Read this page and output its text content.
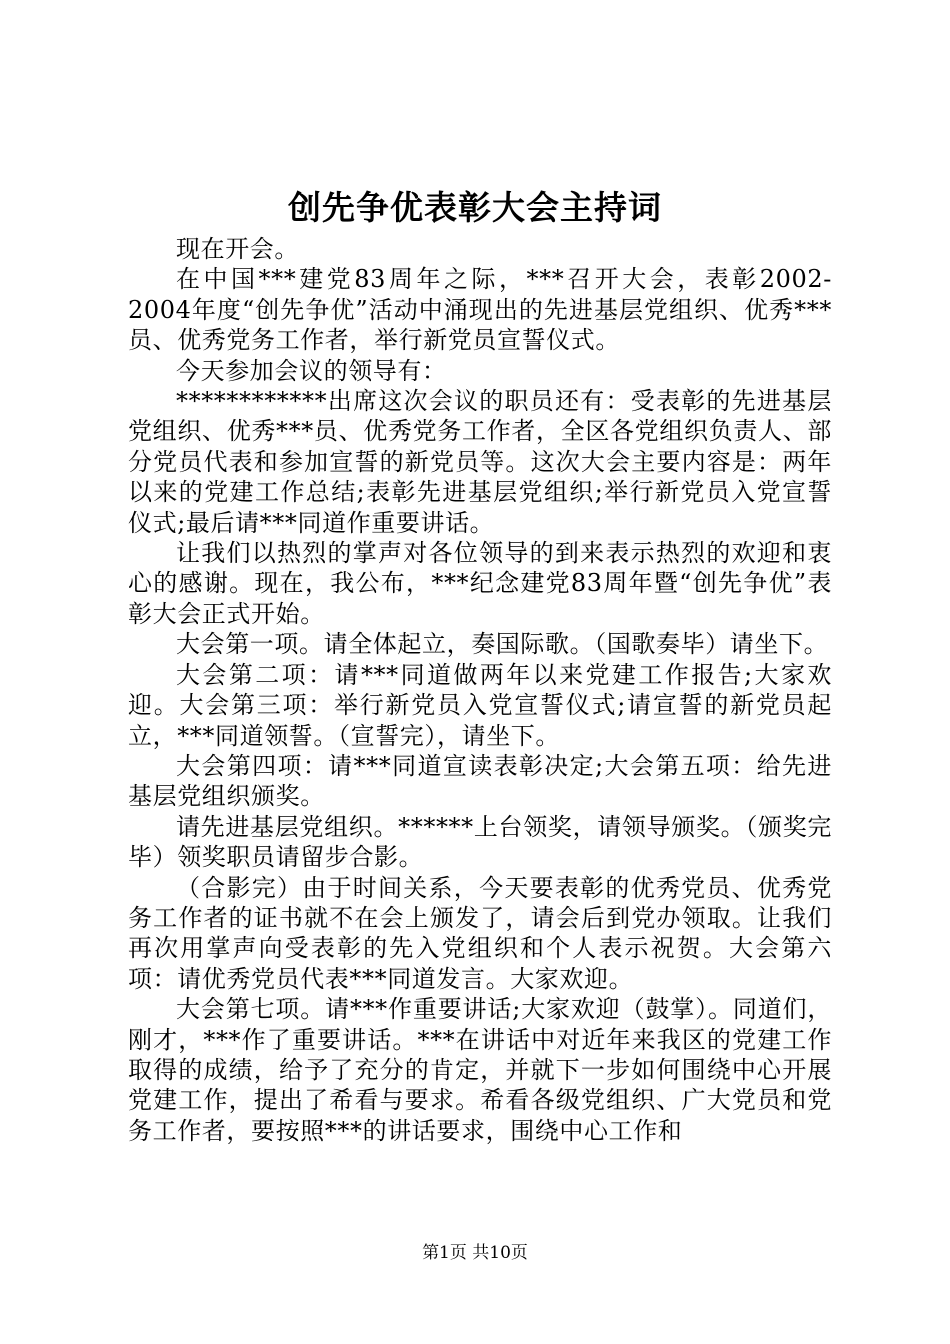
创先争优表彰大会主持词

现在开会。

在中国***建党83周年之际，***召开大会，表彰2002-2004年度“创先争优”活动中涌现出的先进基层党组织、优秀***员、优秀党务工作者，举行新党员宣誓仪式。

今天参加会议的领导有：

************出席这次会议的职员还有：受表彰的先进基层党组织、优秀***员、优秀党务工作者，全区各党组织负责人、部分党员代表和参加宣誓的新党员等。这次大会主要内容是：两年以来的党建工作总结;表彰先进基层党组织;举行新党员入党宣誓仪式;最后请***同道作重要讲话。

让我们以热烈的掌声对各位领导的到来表示热烈的欢迎和衷心的感谢。现在，我公布，***纪念建党83周年暨“创先争优”表彰大会正式开始。

大会第一项。请全体起立，奏国际歌。（国歌奏毕）请坐下。

大会第二项：请***同道做两年以来党建工作报告;大家欢迎。大会第三项：举行新党员入党宣誓仪式;请宣誓的新党员起立，***同道领誓。（宣誓完），请坐下。

大会第四项：请***同道宣读表彰决定;大会第五项：给先进基层党组织颁奖。

请先进基层党组织。******上台领奖，请领导颁奖。（颁奖完毕）领奖职员请留步合影。

（合影完）由于时间关系，今天要表彰的优秀党员、优秀党务工作者的证书就不在会上颁发了，请会后到党办领取。让我们再次用掌声向受表彰的先入党组织和个人表示祝贺。大会第六项：请优秀党员代表***同道发言。大家欢迎。

大会第七项。请***作重要讲话;大家欢迎（鼓掌）。同道们，刚才，***作了重要讲话。***在讲话中对近年来我区的党建工作取得的成绩，给予了充分的肯定，并就下一步如何围绕中心开展党建工作，提出了希看与要求。希看各级党组织、广大党员和党务工作者，要按照***的讲话要求，围绕中心工作和

第1页 共10页
